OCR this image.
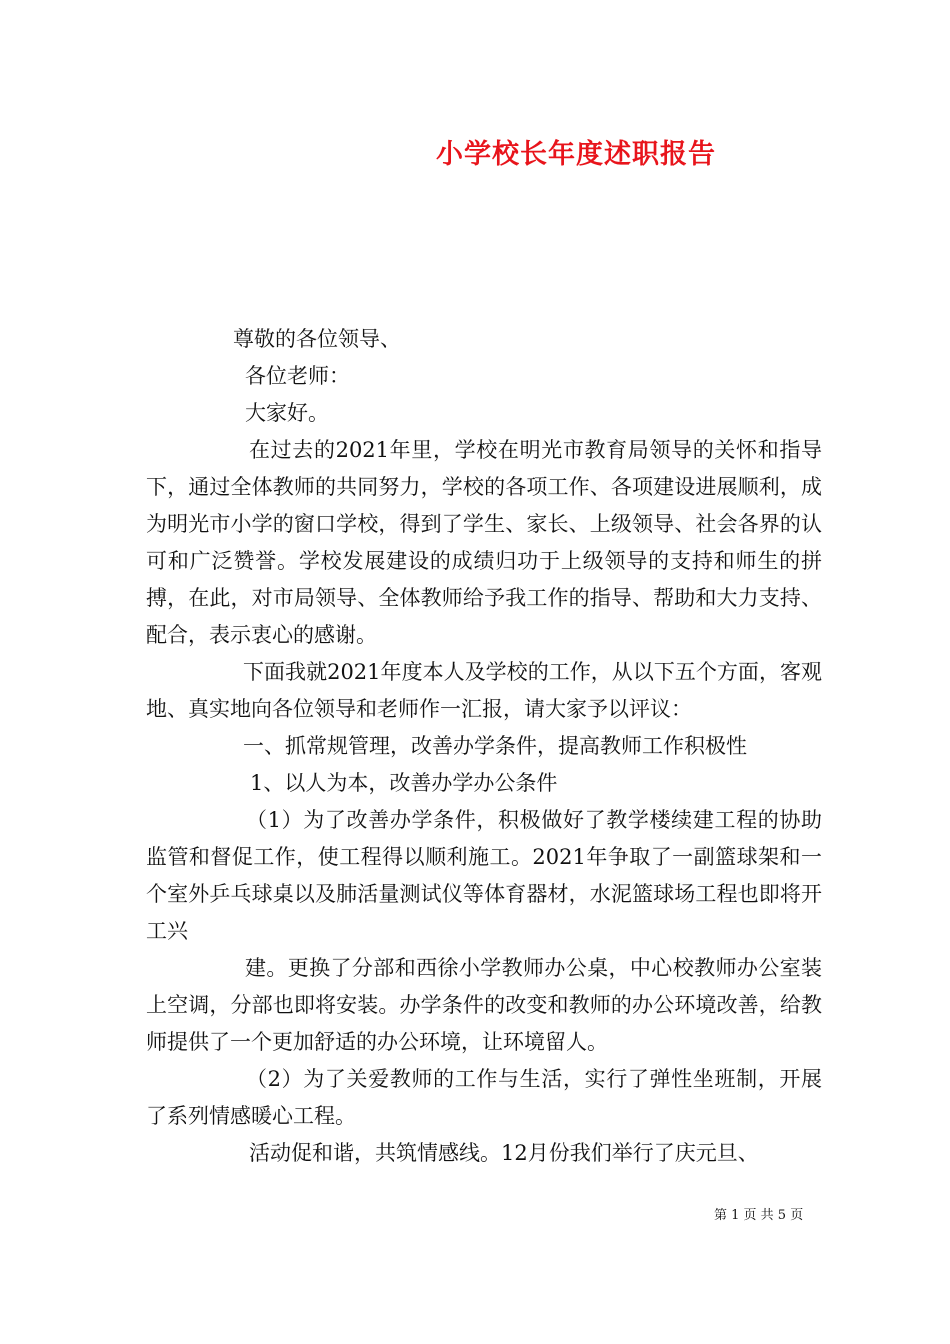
小学校长年度述职报告

尊敬的各位领导、

各位老师：

大家好。

在过去的2021年里，学校在明光市教育局领导的关怀和指导下，通过全体教师的共同努力，学校的各项工作、各项建设进展顺利，成为明光市小学的窗口学校，得到了学生、家长、上级领导、社会各界的认可和广泛赞誉。学校发展建设的成绩归功于上级领导的支持和师生的拼搏，在此，对市局领导、全体教师给予我工作的指导、帮助和大力支持、配合，表示衷心的感谢。

下面我就2021年度本人及学校的工作，从以下五个方面，客观地、真实地向各位领导和老师作一汇报，请大家予以评议：

一、抓常规管理，改善办学条件，提高教师工作积极性

1、以人为本，改善办学办公条件

（1）为了改善办学条件，积极做好了教学楼续建工程的协助监管和督促工作，使工程得以顺利施工。2021年争取了一副篮球架和一个室外乒乓球桌以及肺活量测试仪等体育器材，水泥篮球场工程也即将开工兴

建。更换了分部和西徐小学教师办公桌，中心校教师办公室装上空调，分部也即将安装。办学条件的改变和教师的办公环境改善，给教师提供了一个更加舒适的办公环境，让环境留人。

（2）为了关爱教师的工作与生活，实行了弹性坐班制，开展了系列情感暖心工程。

活动促和谐，共筑情感线。12月份我们举行了庆元旦、

第 1 页 共 5 页
